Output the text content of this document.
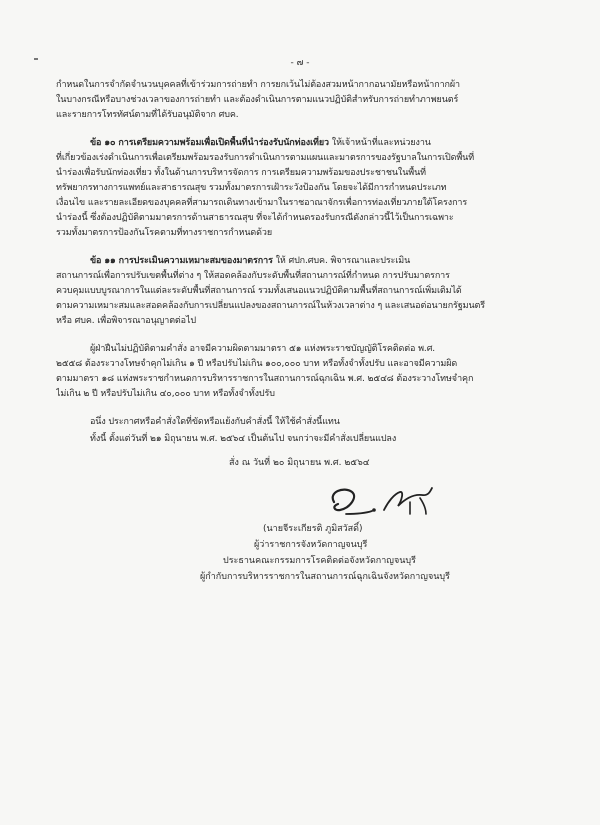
- ๗ -
กำหนดในการจำกัดจำนวนบุคคลที่เข้าร่วมการถ่ายทำ การยกเว้นไม่ต้องสวมหน้ากากอนามัยหรือหน้ากากผ้า
ในบางกรณีหรือบางช่วงเวลาของการถ่ายทำ และต้องดำเนินการตามแนวปฏิบัติสำหรับการถ่ายทำภาพยนตร์
และรายการโทรทัศน์ตามที่ได้รับอนุมัติจาก ศบค.
ข้อ ๑๐ การเตรียมความพร้อมเพื่อเปิดพื้นที่นำร่องรับนักท่องเที่ยว ให้เจ้าหน้าที่และหน่วยงาน
ที่เกี่ยวข้องเร่งดำเนินการเพื่อเตรียมพร้อมรองรับการดำเนินการตามแผนและมาตรการของรัฐบาลในการเปิดพื้นที่
นำร่องเพื่อรับนักท่องเที่ยว ทั้งในด้านการบริหารจัดการ การเตรียมความพร้อมของประชาชนในพื้นที่
ทรัพยากรทางการแพทย์และสาธารณสุข รวมทั้งมาตรการเฝ้าระวังป้องกัน โดยจะได้มีการกำหนดประเภท
เงื่อนไข และรายละเอียดของบุคคลที่สามารถเดินทางเข้ามาในราชอาณาจักรเพื่อการท่องเที่ยวภายใต้โครงการ
นำร่องนี้ ซึ่งต้องปฏิบัติตามมาตรการด้านสาธารณสุข ที่จะได้กำหนดรองรับกรณีดังกล่าวนี้ไว้เป็นการเฉพาะ
รวมทั้งมาตรการป้องกันโรคตามที่ทางราชการกำหนดด้วย
ข้อ ๑๑ การประเมินความเหมาะสมของมาตรการ ให้ ศปก.ศบค. พิจารณาและประเมิน
สถานการณ์เพื่อการปรับเขตพื้นที่ต่าง ๆ ให้สอดคล้องกับระดับพื้นที่สถานการณ์ที่กำหนด การปรับมาตรการ
ควบคุมแบบบูรณาการในแต่ละระดับพื้นที่สถานการณ์ รวมทั้งเสนอแนวปฏิบัติตามพื้นที่สถานการณ์เพิ่มเติมได้
ตามความเหมาะสมและสอดคล้องกับการเปลี่ยนแปลงของสถานการณ์ในห้วงเวลาต่าง ๆ และเสนอต่อนายกรัฐมนตรี
หรือ ศบค. เพื่อพิจารณาอนุญาตต่อไป
ผู้ฝ่าฝืนไม่ปฏิบัติตามคำสั่ง อาจมีความผิดตามมาตรา ๕๑ แห่งพระราชบัญญัติโรคติดต่อ พ.ศ.
๒๕๕๘ ต้องระวางโทษจำคุกไม่เกิน ๑ ปี หรือปรับไม่เกิน ๑๐๐,๐๐๐ บาท หรือทั้งจำทั้งปรับ และอาจมีความผิด
ตามมาตรา ๑๘ แห่งพระราชกำหนดการบริหารราชการในสถานการณ์ฉุกเฉิน พ.ศ. ๒๕๔๘ ต้องระวางโทษจำคุก
ไม่เกิน ๒ ปี หรือปรับไม่เกิน ๔๐,๐๐๐ บาท หรือทั้งจำทั้งปรับ
อนึ่ง ประกาศหรือคำสั่งใดที่ขัดหรือแย้งกับคำสั่งนี้ ให้ใช้คำสั่งนี้แทน
ทั้งนี้ ตั้งแต่วันที่ ๒๑ มิถุนายน พ.ศ. ๒๕๖๔ เป็นต้นไป จนกว่าจะมีคำสั่งเปลี่ยนแปลง
สั่ง ณ วันที่ ๒๐ มิถุนายน พ.ศ. ๒๕๖๔
(นายจีระเกียรติ ภูมิสวัสดิ์)
ผู้ว่าราชการจังหวัดกาญจนบุรี
ประธานคณะกรรมการโรคติดต่อจังหวัดกาญจนบุรี
ผู้กำกับการบริหารราชการในสถานการณ์ฉุกเฉินจังหวัดกาญจนบุรี
